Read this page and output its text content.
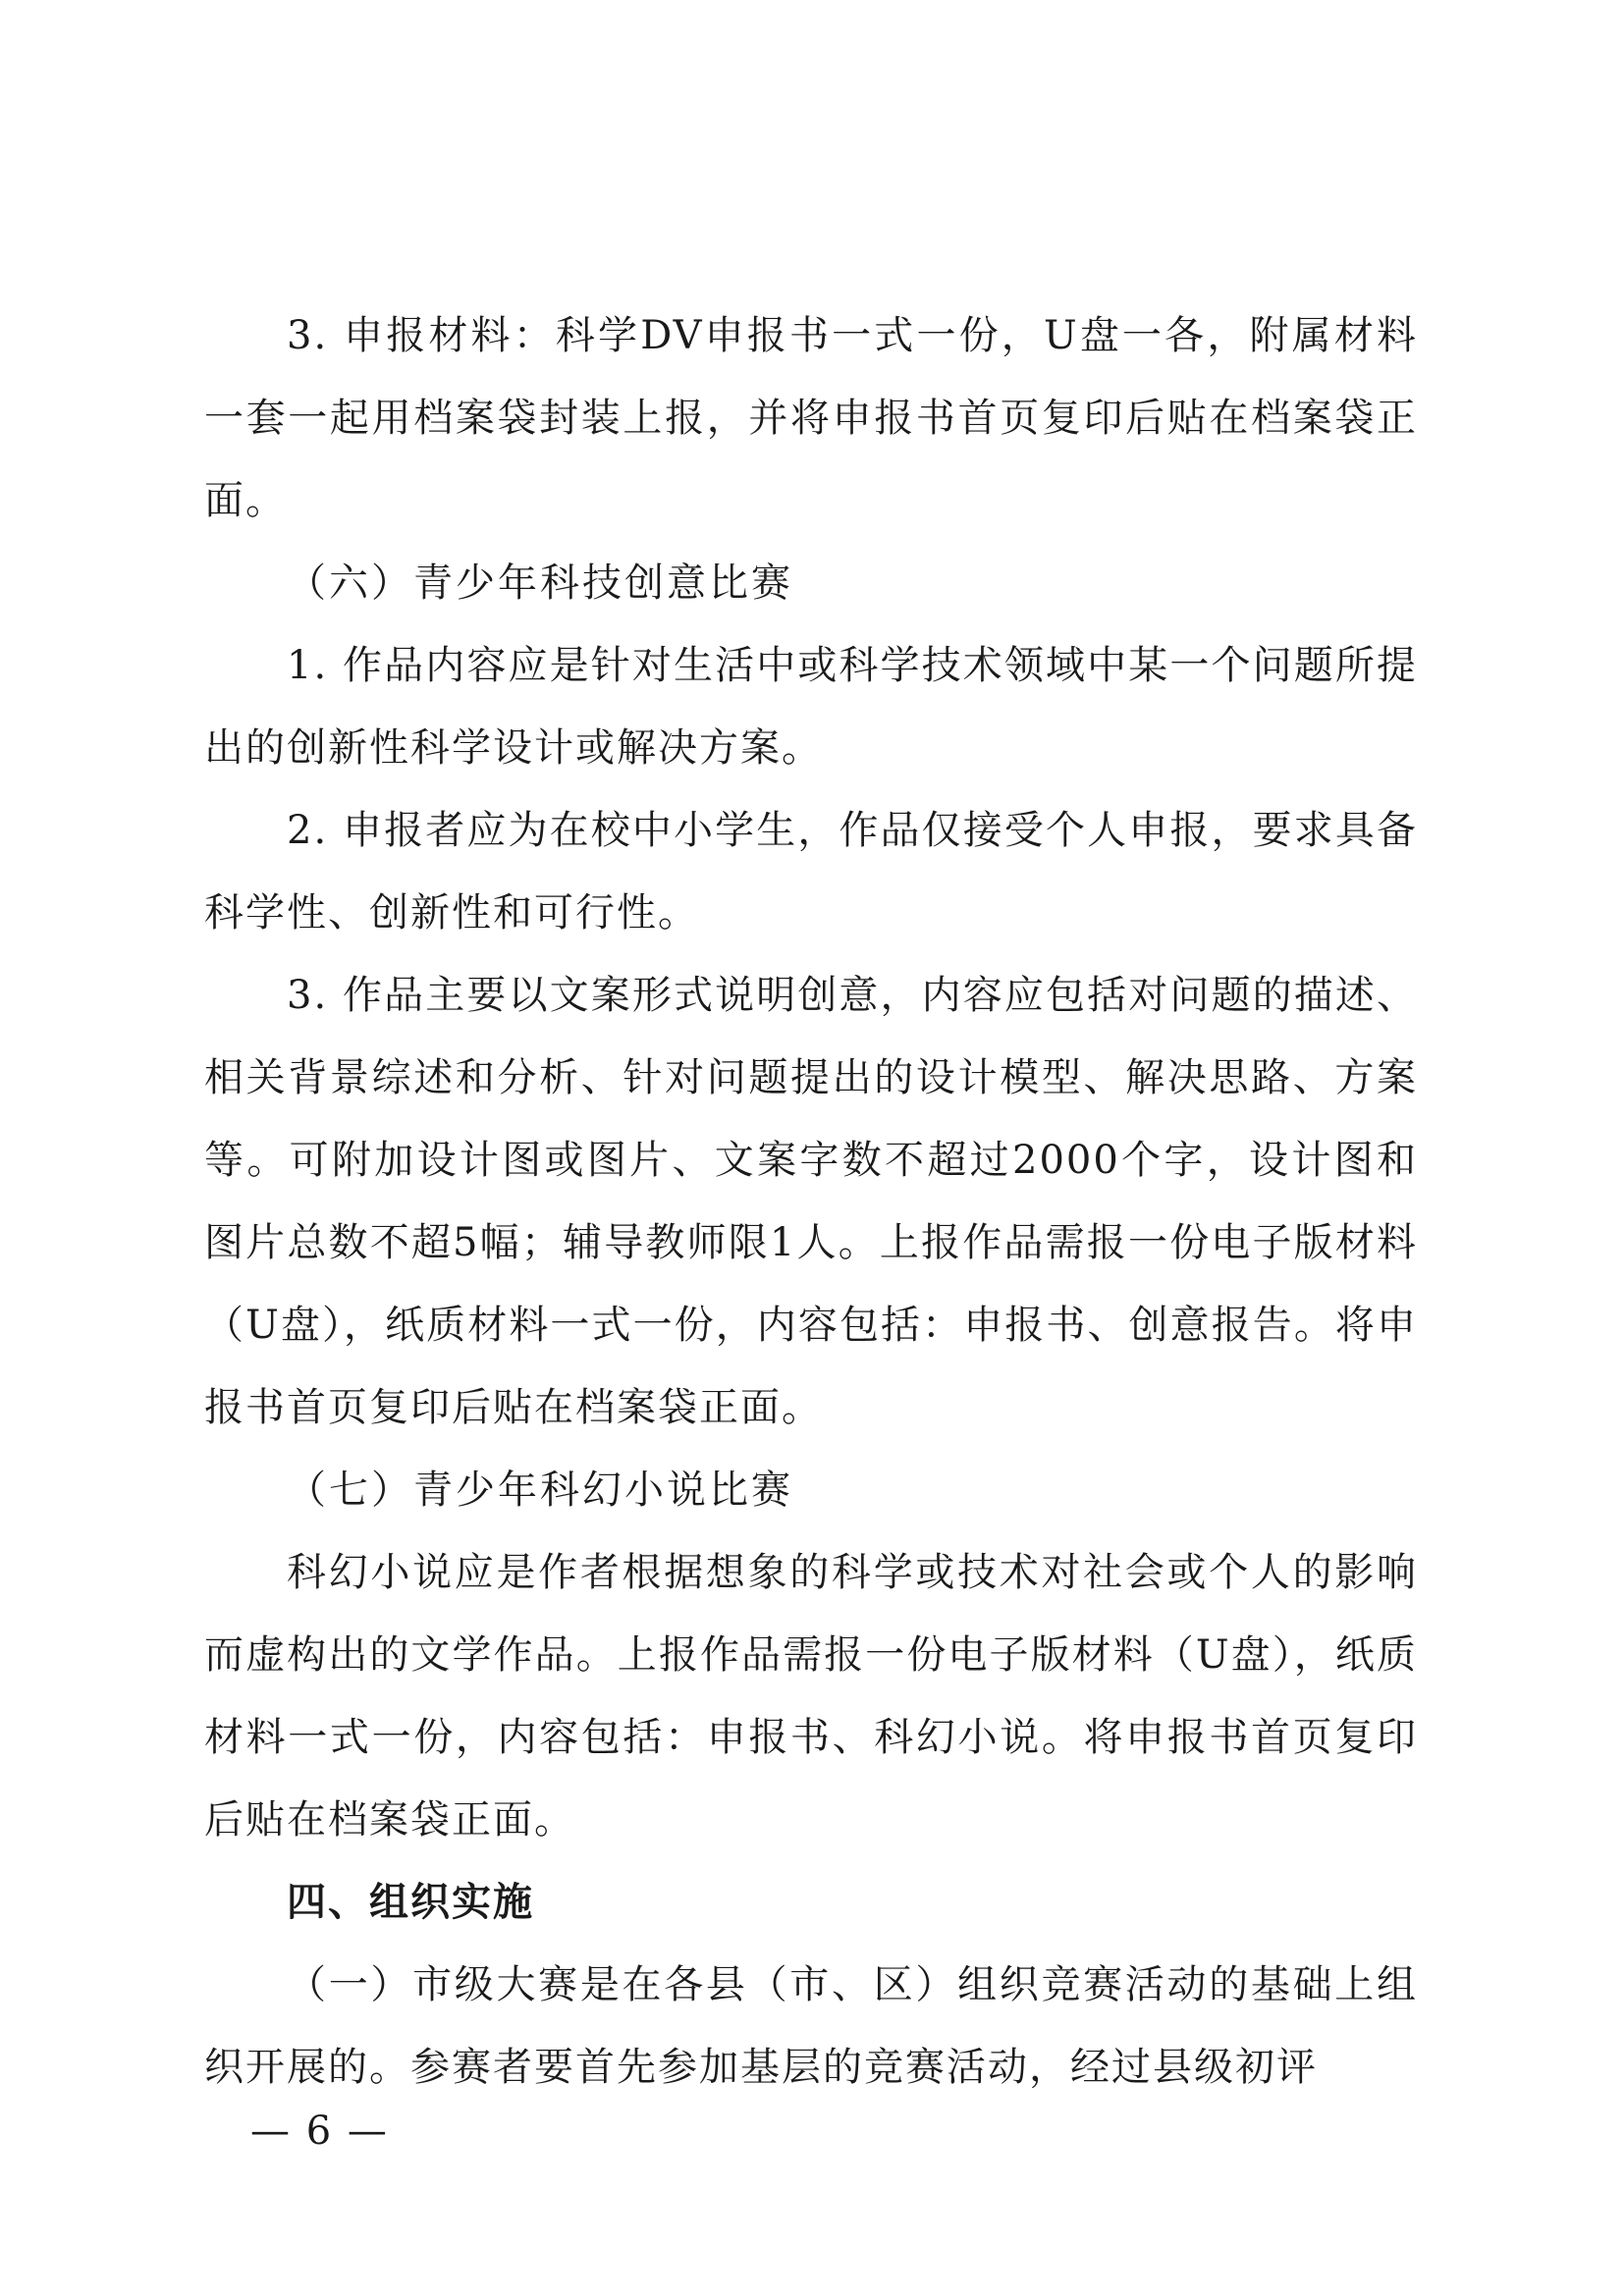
3. 申报材料：科学DV申报书一式一份，U盘一各，附属材料一套一起用档案袋封装上报，并将申报书首页复印后贴在档案袋正面。

（六）青少年科技创意比赛

1. 作品内容应是针对生活中或科学技术领域中某一个问题所提出的创新性科学设计或解决方案。

2. 申报者应为在校中小学生，作品仅接受个人申报，要求具备科学性、创新性和可行性。

3. 作品主要以文案形式说明创意，内容应包括对问题的描述、相关背景综述和分析、针对问题提出的设计模型、解决思路、方案等。可附加设计图或图片、文案字数不超过2000个字，设计图和图片总数不超5幅；辅导教师限1人。上报作品需报一份电子版材料（U盘），纸质材料一式一份，内容包括：申报书、创意报告。将申报书首页复印后贴在档案袋正面。

（七）青少年科幻小说比赛

科幻小说应是作者根据想象的科学或技术对社会或个人的影响而虚构出的文学作品。上报作品需报一份电子版材料（U盘），纸质材料一式一份，内容包括：申报书、科幻小说。将申报书首页复印后贴在档案袋正面。

四、组织实施

（一）市级大赛是在各县（市、区）组织竞赛活动的基础上组织开展的。参赛者要首先参加基层的竞赛活动，经过县级初评

— 6 —
